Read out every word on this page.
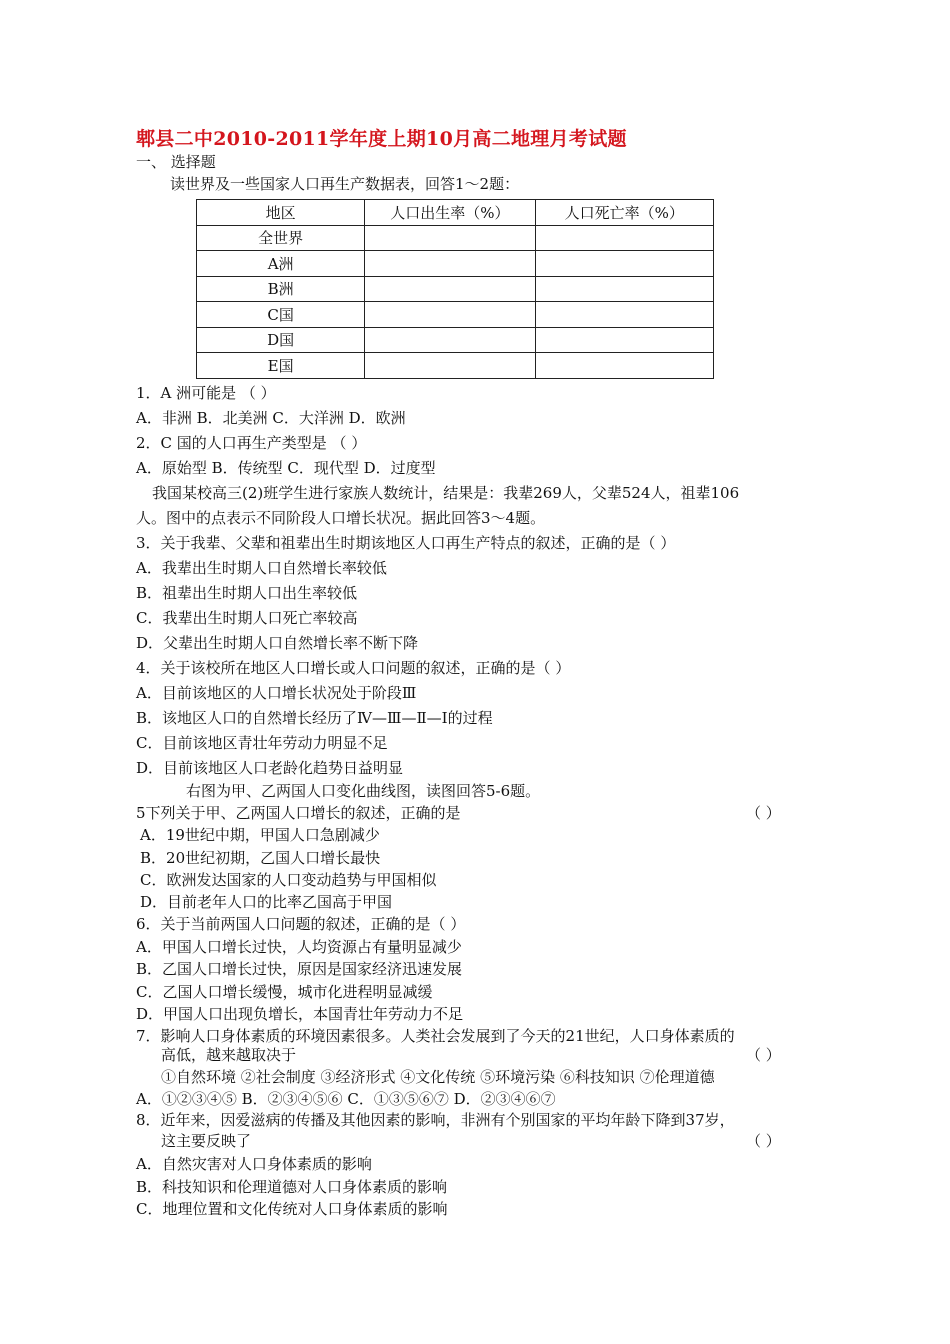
郫县二中2010-2011学年度上期10月高二地理月考试题
一、 选择题
读世界及一些国家人口再生产数据表，回答1～2题：
地区	人口出生率（%）	人口死亡率（%）
全世界		
A洲		
B洲		
C国		
D国		
E国		
1．A 洲可能是 （ ）
A．非洲 B．北美洲 C．大洋洲 D．欧洲
2．C 国的人口再生产类型是 （ ）
A．原始型 B．传统型 C．现代型 D．过度型
我国某校高三(2)班学生进行家族人数统计，结果是：我辈269人，父辈524人，祖辈106
人。图中的点表示不同阶段人口增长状况。据此回答3～4题。
3．关于我辈、父辈和祖辈出生时期该地区人口再生产特点的叙述，正确的是（ ）
A．我辈出生时期人口自然增长率较低
B．祖辈出生时期人口出生率较低
C．我辈出生时期人口死亡率较高
D．父辈出生时期人口自然增长率不断下降
4．关于该校所在地区人口增长或人口问题的叙述，正确的是（ ）
A．目前该地区的人口增长状况处于阶段Ⅲ
B．该地区人口的自然增长经历了Ⅳ—Ⅲ—Ⅱ—Ⅰ的过程
C．目前该地区青壮年劳动力明显不足
D．目前该地区人口老龄化趋势日益明显
右图为甲、乙两国人口变化曲线图，读图回答5-6题。
5下列关于甲、乙两国人口增长的叙述，正确的是	（ ）
A．19世纪中期，甲国人口急剧减少
B．20世纪初期，乙国人口增长最快
C．欧洲发达国家的人口变动趋势与甲国相似
D．目前老年人口的比率乙国高于甲国
6．关于当前两国人口问题的叙述，正确的是（ ）
A．甲国人口增长过快，人均资源占有量明显减少
B．乙国人口增长过快，原因是国家经济迅速发展
C．乙国人口增长缓慢，城市化进程明显减缓
D．甲国人口出现负增长，本国青壮年劳动力不足
7．影响人口身体素质的环境因素很多。人类社会发展到了今天的21世纪，人口身体素质的
高低，越来越取决于	（ ）
①自然环境 ②社会制度 ③经济形式 ④文化传统 ⑤环境污染 ⑥科技知识 ⑦伦理道德
A．①②③④⑤ B．②③④⑤⑥ C．①③⑤⑥⑦ D．②③④⑥⑦
8．近年来，因爱滋病的传播及其他因素的影响，非洲有个别国家的平均年龄下降到37岁，
这主要反映了	（ ）
A．自然灾害对人口身体素质的影响
B．科技知识和伦理道德对人口身体素质的影响
C．地理位置和文化传统对人口身体素质的影响
